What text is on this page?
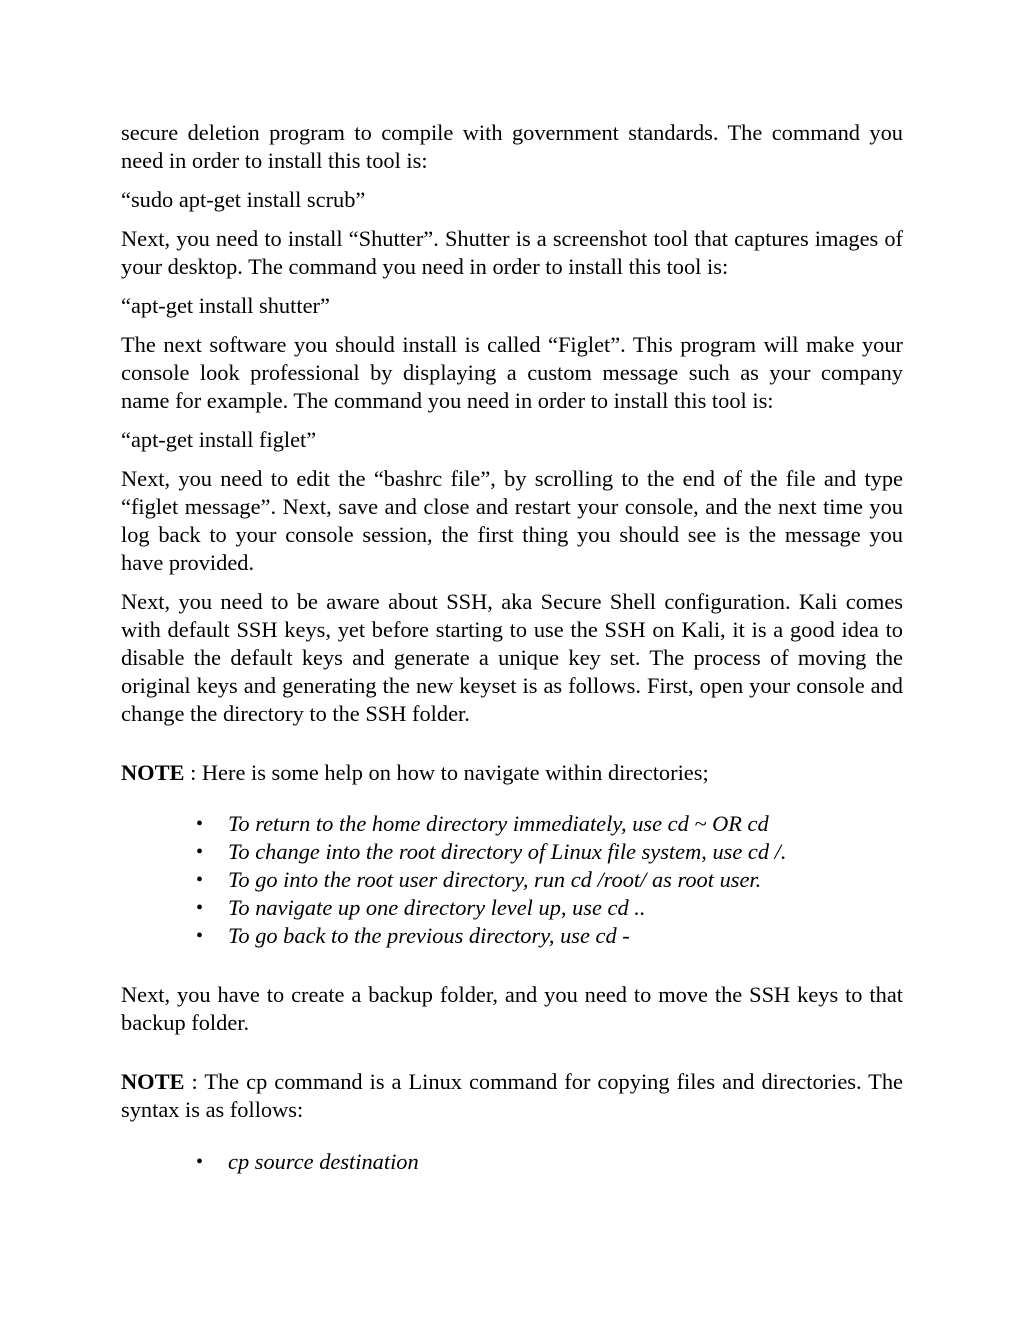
secure deletion program to compile with government standards. The command you need in order to install this tool is:

“sudo apt-get install scrub”

Next, you need to install “Shutter”. Shutter is a screenshot tool that captures images of your desktop. The command you need in order to install this tool is:

“apt-get install shutter”

The next software you should install is called “Figlet”. This program will make your console look professional by displaying a custom message such as your company name for example. The command you need in order to install this tool is:

“apt-get install figlet”

Next, you need to edit the “bashrc file”, by scrolling to the end of the file and type “figlet message”. Next, save and close and restart your console, and the next time you log back to your console session, the first thing you should see is the message you have provided.

Next, you need to be aware about SSH, aka Secure Shell configuration. Kali comes with default SSH keys, yet before starting to use the SSH on Kali, it is a good idea to disable the default keys and generate a unique key set. The process of moving the original keys and generating the new keyset is as follows. First, open your console and change the directory to the SSH folder.

NOTE : Here is some help on how to navigate within directories;

• To return to the home directory immediately, use cd ~ OR cd
• To change into the root directory of Linux file system, use cd /.
• To go into the root user directory, run cd /root/ as root user.
• To navigate up one directory level up, use cd ..
• To go back to the previous directory, use cd -

Next, you have to create a backup folder, and you need to move the SSH keys to that backup folder.

NOTE : The cp command is a Linux command for copying files and directories. The syntax is as follows:

• cp source destination
